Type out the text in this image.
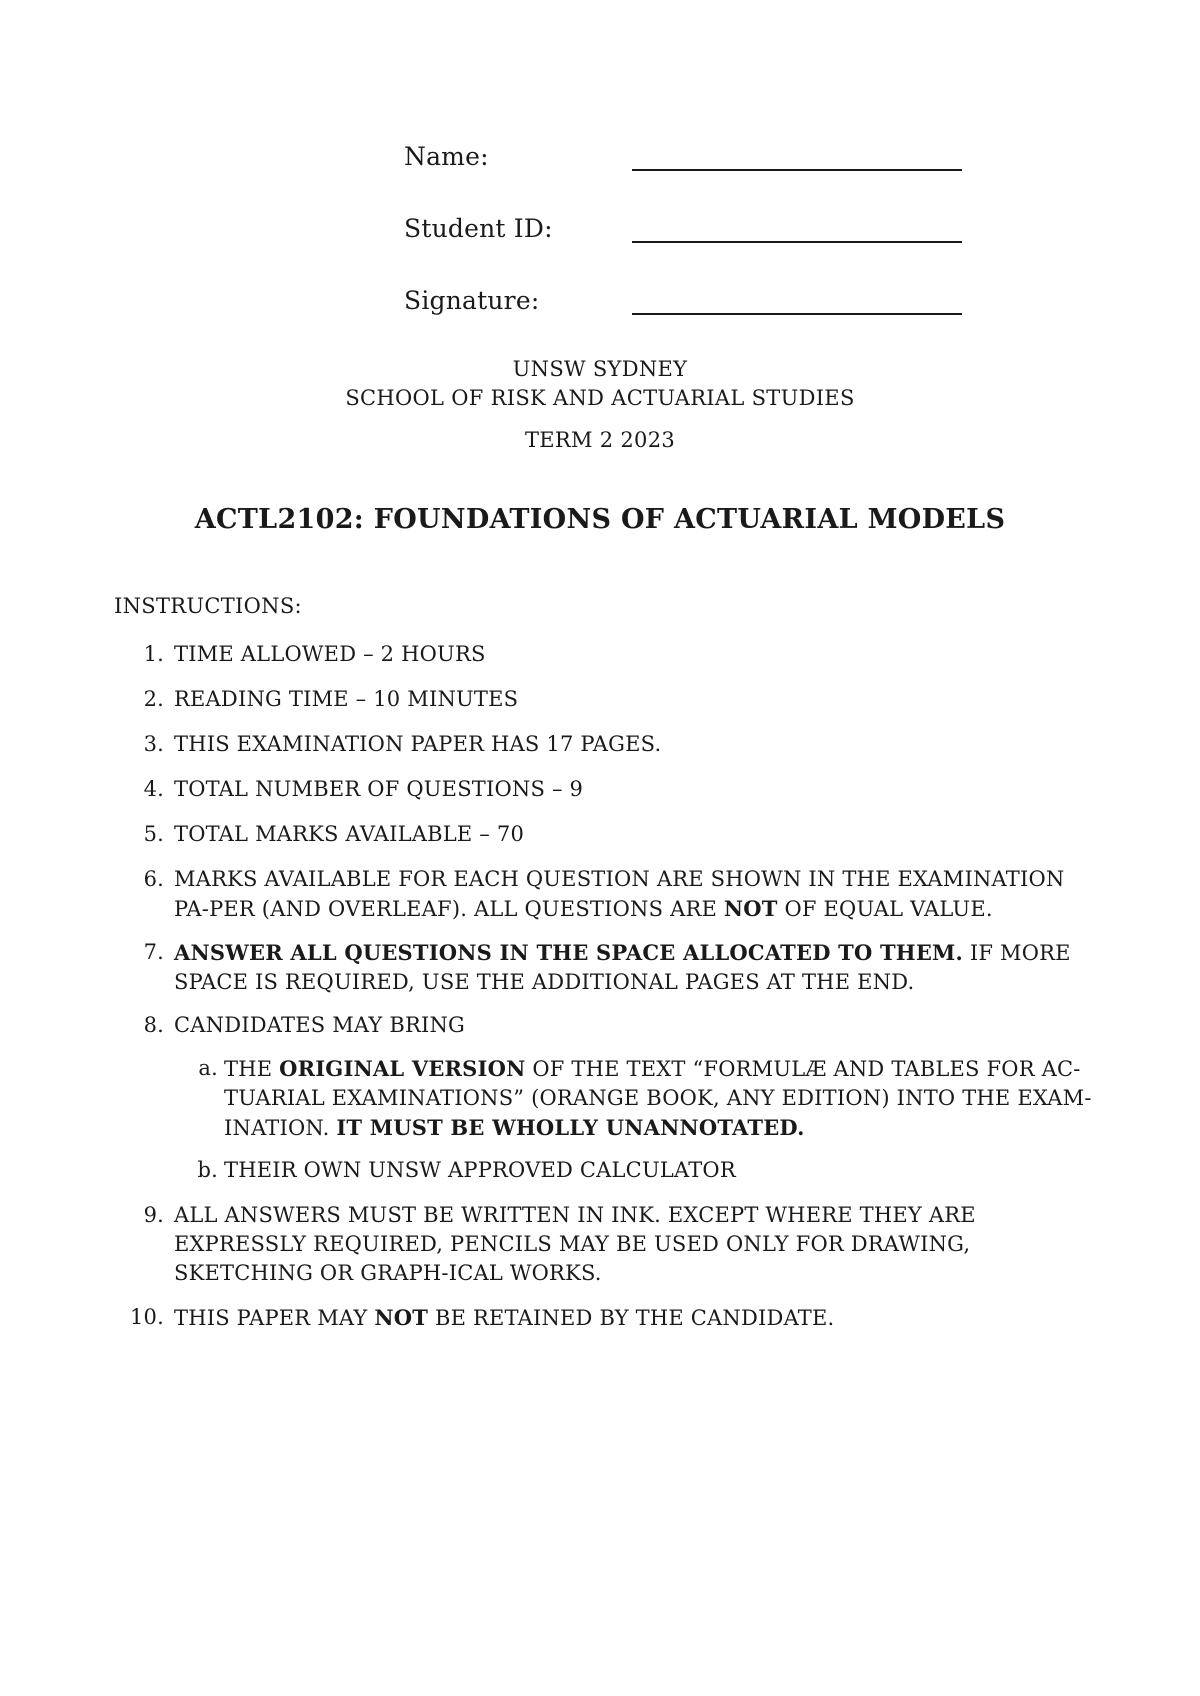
Name:
Student ID:
Signature:
UNSW SYDNEY
SCHOOL OF RISK AND ACTUARIAL STUDIES
TERM 2 2023
ACTL2102: FOUNDATIONS OF ACTUARIAL MODELS
INSTRUCTIONS:
1. TIME ALLOWED – 2 HOURS
2. READING TIME – 10 MINUTES
3. THIS EXAMINATION PAPER HAS 17 PAGES.
4. TOTAL NUMBER OF QUESTIONS – 9
5. TOTAL MARKS AVAILABLE – 70
6. MARKS AVAILABLE FOR EACH QUESTION ARE SHOWN IN THE EXAMINATION PA-PER (AND OVERLEAF). ALL QUESTIONS ARE NOT OF EQUAL VALUE.
7. ANSWER ALL QUESTIONS IN THE SPACE ALLOCATED TO THEM. IF MORE SPACE IS REQUIRED, USE THE ADDITIONAL PAGES AT THE END.
8. CANDIDATES MAY BRING
a. THE ORIGINAL VERSION OF THE TEXT “FORMULÆ AND TABLES FOR AC-TUARIAL EXAMINATIONS” (ORANGE BOOK, ANY EDITION) INTO THE EXAM-INATION. IT MUST BE WHOLLY UNANNOTATED.
b. THEIR OWN UNSW APPROVED CALCULATOR
9. ALL ANSWERS MUST BE WRITTEN IN INK. EXCEPT WHERE THEY ARE EXPRESSLY REQUIRED, PENCILS MAY BE USED ONLY FOR DRAWING, SKETCHING OR GRAPH-ICAL WORKS.
10. THIS PAPER MAY NOT BE RETAINED BY THE CANDIDATE.
